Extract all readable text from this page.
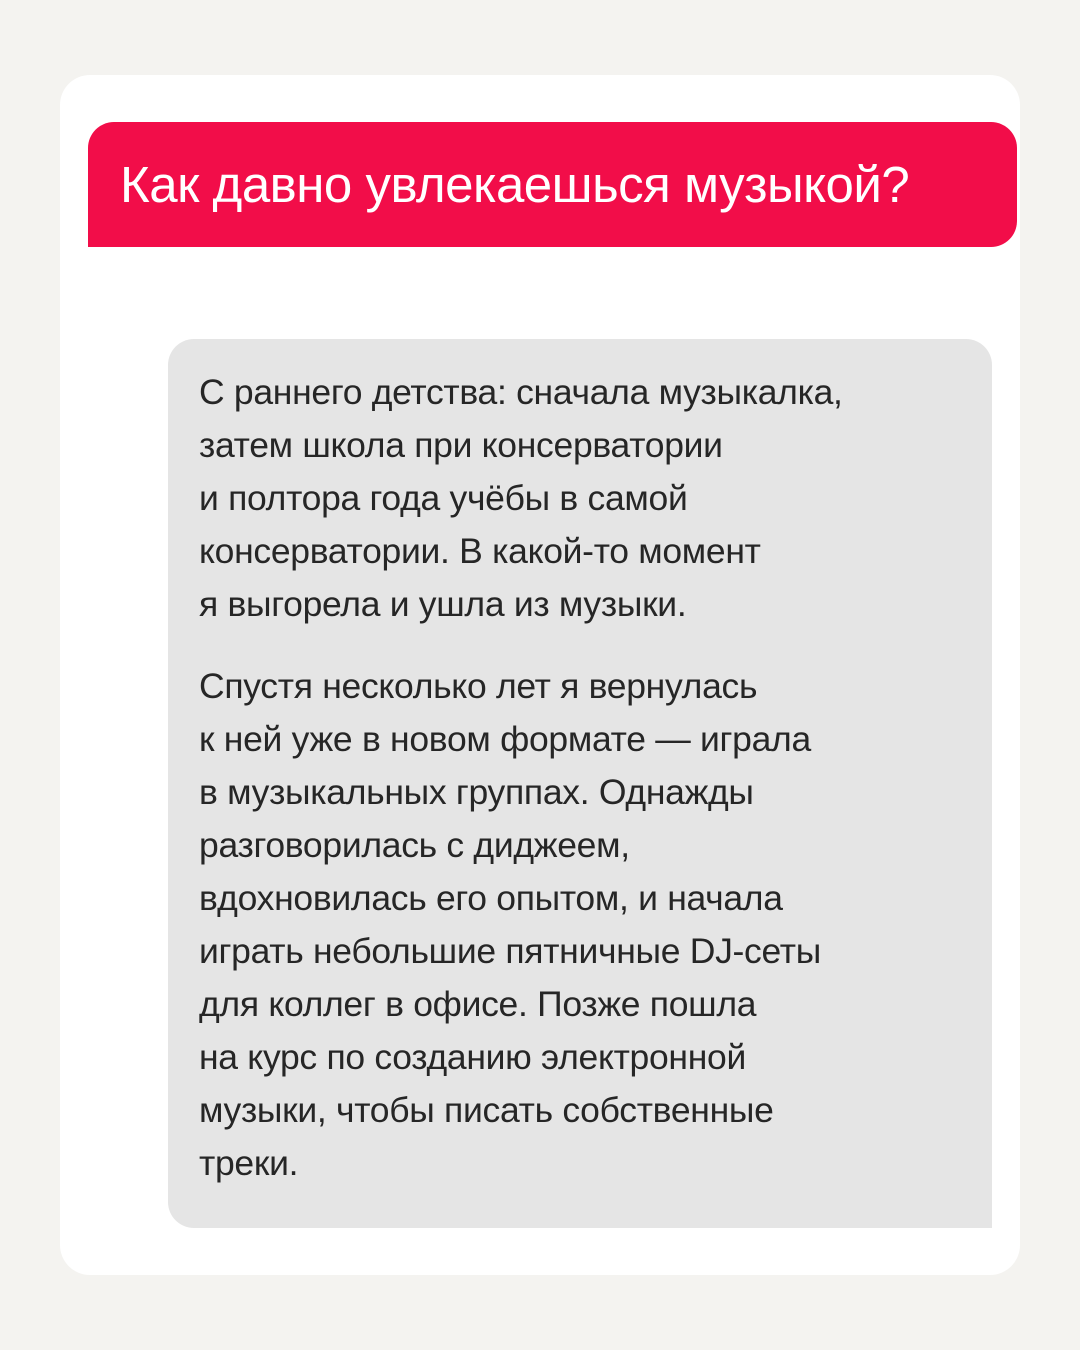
Как давно увлекаешься музыкой?

С раннего детства: сначала музыкалка,
затем школа при консерватории
и полтора года учёбы в самой
консерватории. В какой-то момент
я выгорела и ушла из музыки.

Спустя несколько лет я вернулась
к ней уже в новом формате — играла
в музыкальных группах. Однажды
разговорилась с диджеем,
вдохновилась его опытом, и начала
играть небольшие пятничные DJ-сеты
для коллег в офисе. Позже пошла
на курс по созданию электронной
музыки, чтобы писать собственные
треки.
